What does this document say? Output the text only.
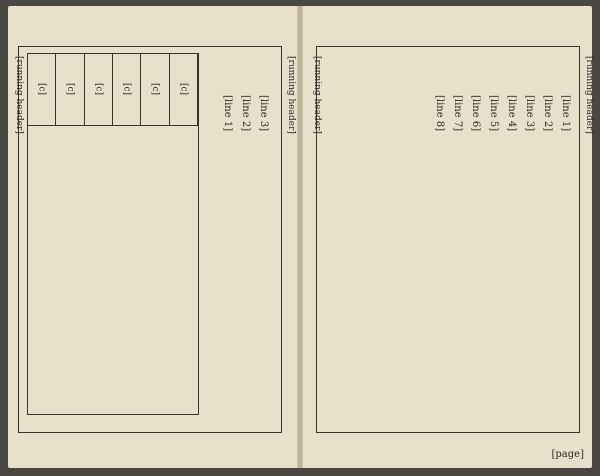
[c]	[c]	[c]	[c]	[c]	[c]
[line 1] [line 2] [line 3]	[running header]
[running header]	[line 1]
[line 2]
[line 3]
[line 4]
[line 5]
[line 6]
[line 7]
[line 8]	[running header]
[running header]
[page]
